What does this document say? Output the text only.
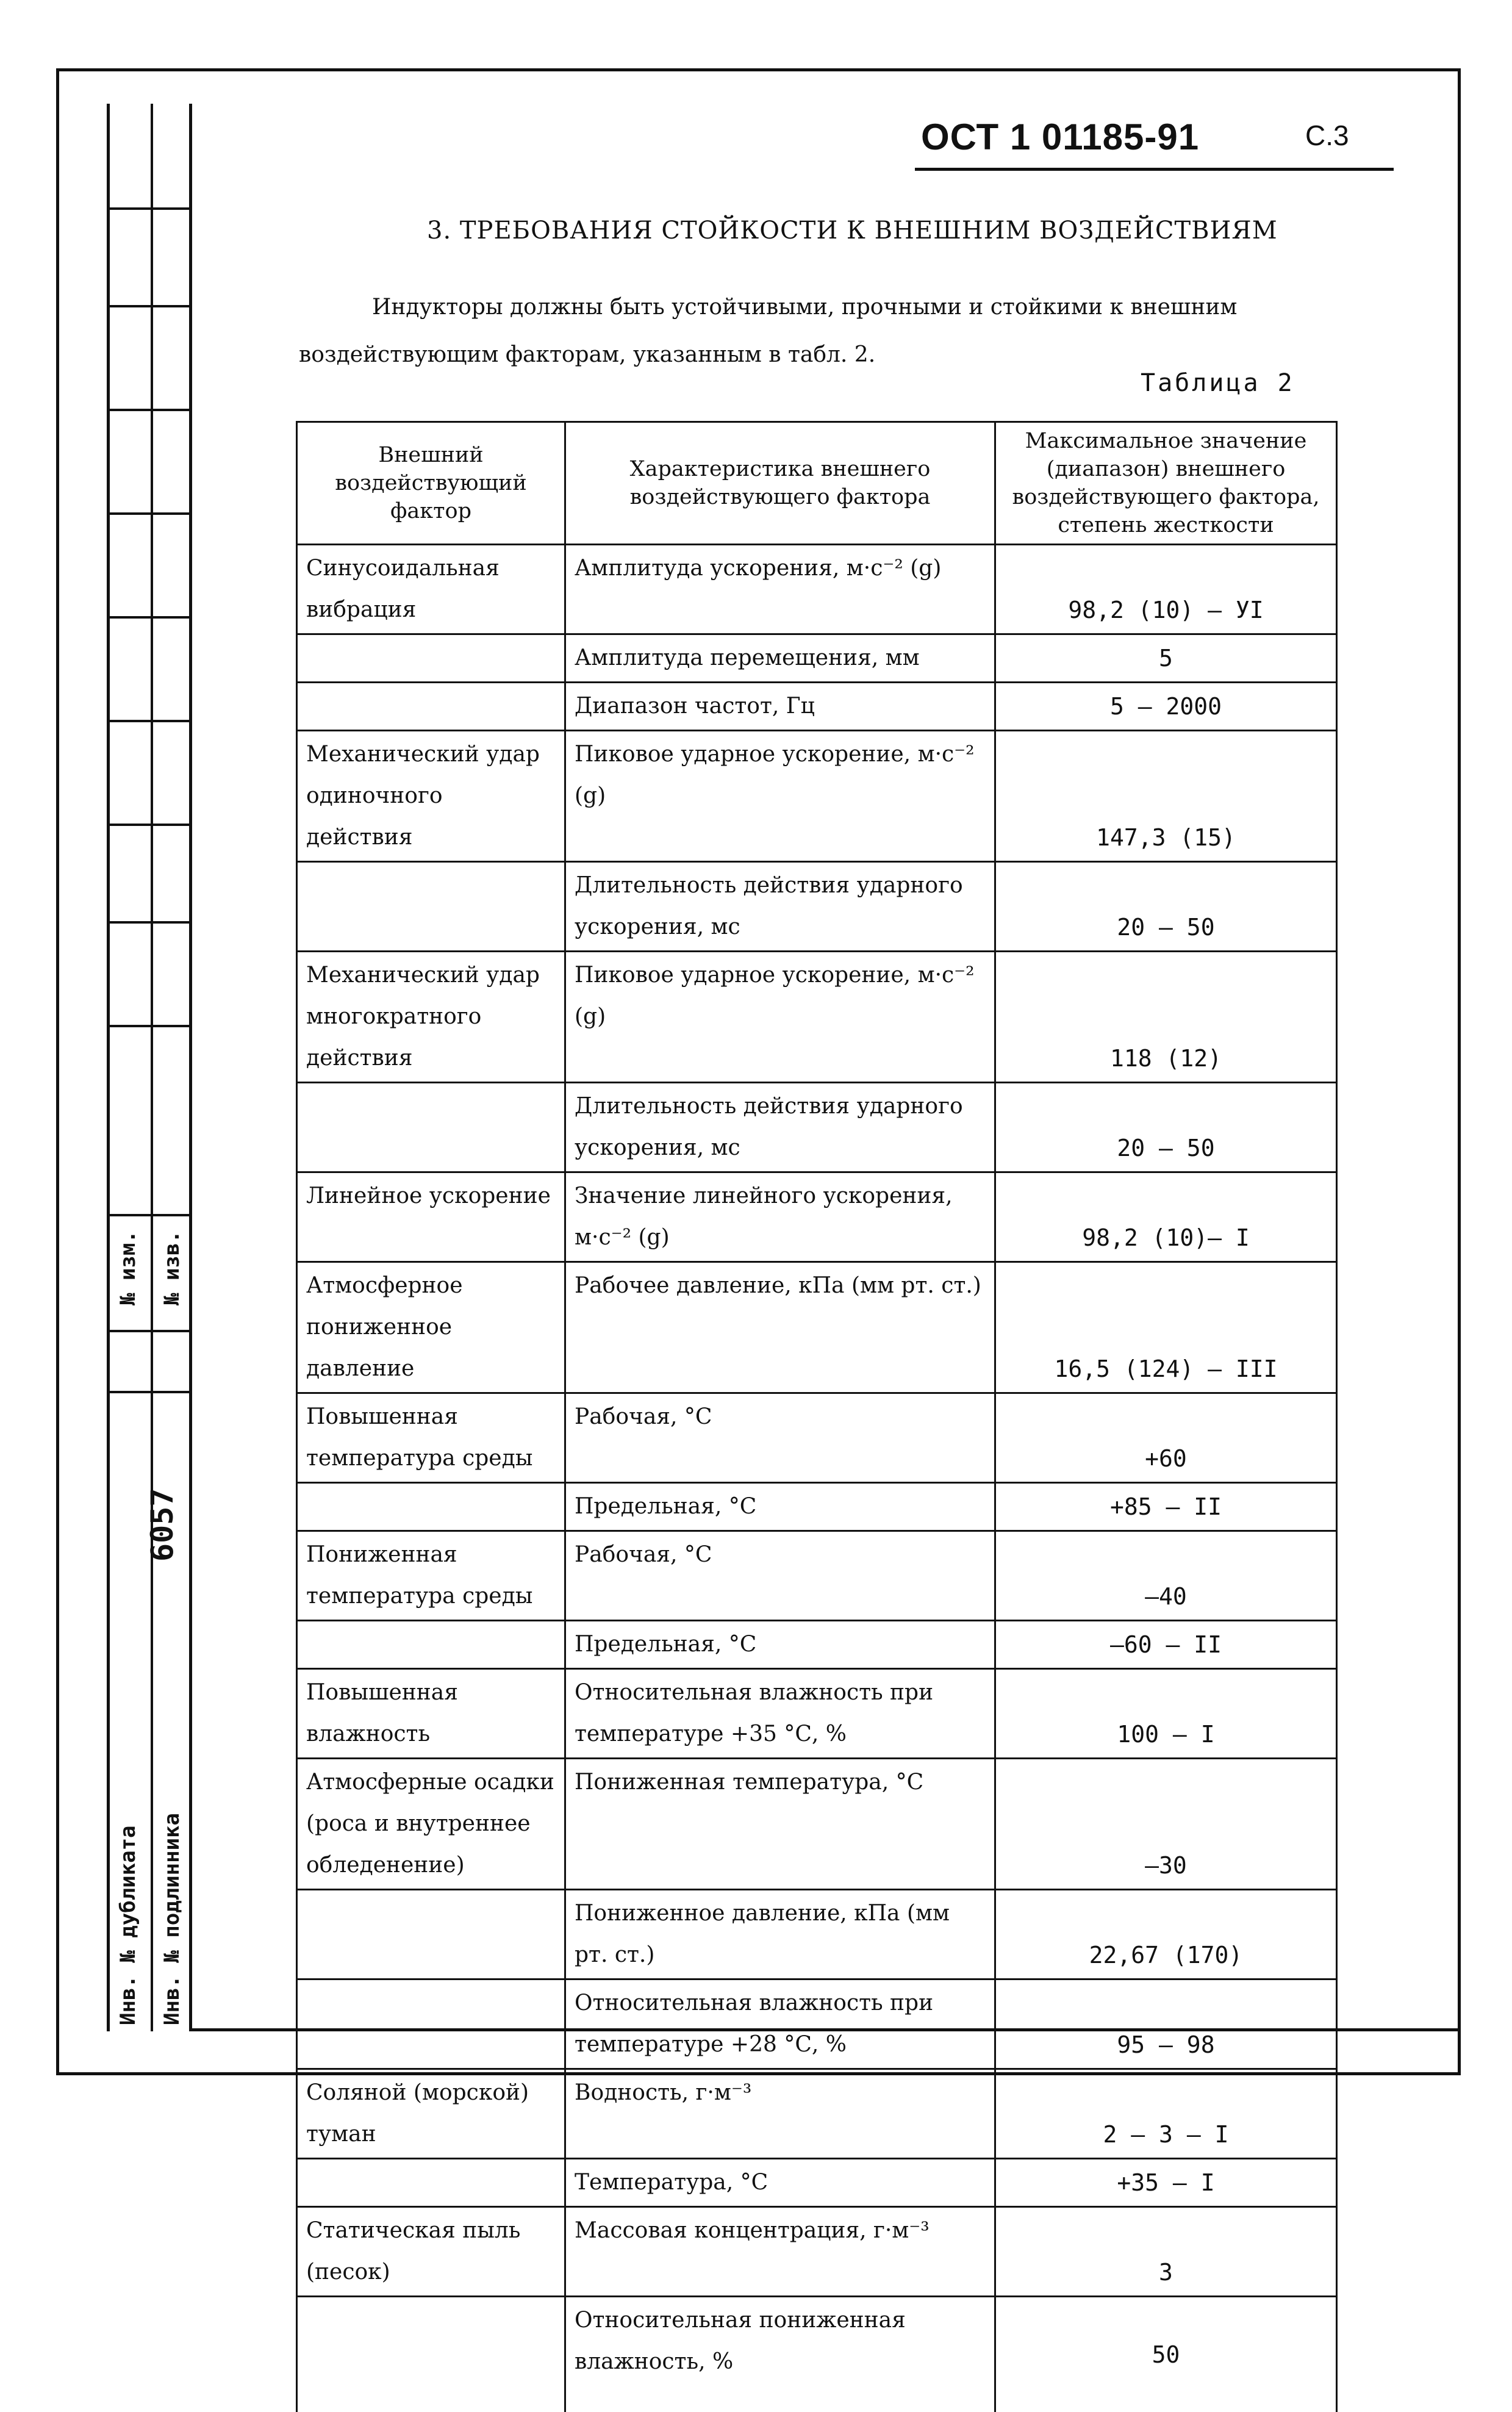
№ изм. № изв.
6057
Инв. № дубликата Инв. № подлинника
ОСТ 1 01185-91	С.3
3. ТРЕБОВАНИЯ СТОЙКОСТИ К ВНЕШНИМ ВОЗДЕЙСТВИЯМ
Индукторы должны быть устойчивыми, прочными и стойкими к внешним воздействующим факторам, указанным в табл. 2.
Таблица 2
Внешний воздействующий фактор	Характеристика внешнего воздействующего фактора	Максимальное значение (диапазон) внешнего воздействующего фактора, степень жесткости
Синусоидальная вибрация	Амплитуда ускорения, м·с⁻² (g)	98,2 (10) – УI
	Амплитуда перемещения, мм	5
	Диапазон частот, Гц	5 – 2000
Механический удар одиночного действия	Пиковое ударное ускорение, м·с⁻² (g)	147,3 (15)
	Длительность действия ударного ускорения, мс	20 – 50
Механический удар многократного действия	Пиковое ударное ускорение, м·с⁻² (g)	118 (12)
	Длительность действия ударного ускорения, мс	20 – 50
Линейное ускорение	Значение линейного ускорения, м·с⁻² (g)	98,2 (10)– I
Атмосферное пониженное давление	Рабочее давление, кПа (мм рт. ст.)	16,5 (124) – III
Повышенная температура среды	Рабочая, °С	+60
	Предельная, °С	+85 – II
Пониженная температура среды	Рабочая, °С	–40
	Предельная, °С	–60 – II
Повышенная влажность	Относительная влажность при температуре +35 °С, %	100 – I
Атмосферные осадки (роса и внутреннее обледенение)	Пониженная температура, °С	–30
	Пониженное давление, кПа (мм рт. ст.)	22,67 (170)
	Относительная влажность при температуре +28 °С, %	95 – 98
Соляной (морской) туман	Водность, г·м⁻³	2 – 3 – I
	Температура, °С	+35 – I
Статическая пыль (песок)	Массовая концентрация, г·м⁻³	3
	Относительная пониженная влажность, %	50
